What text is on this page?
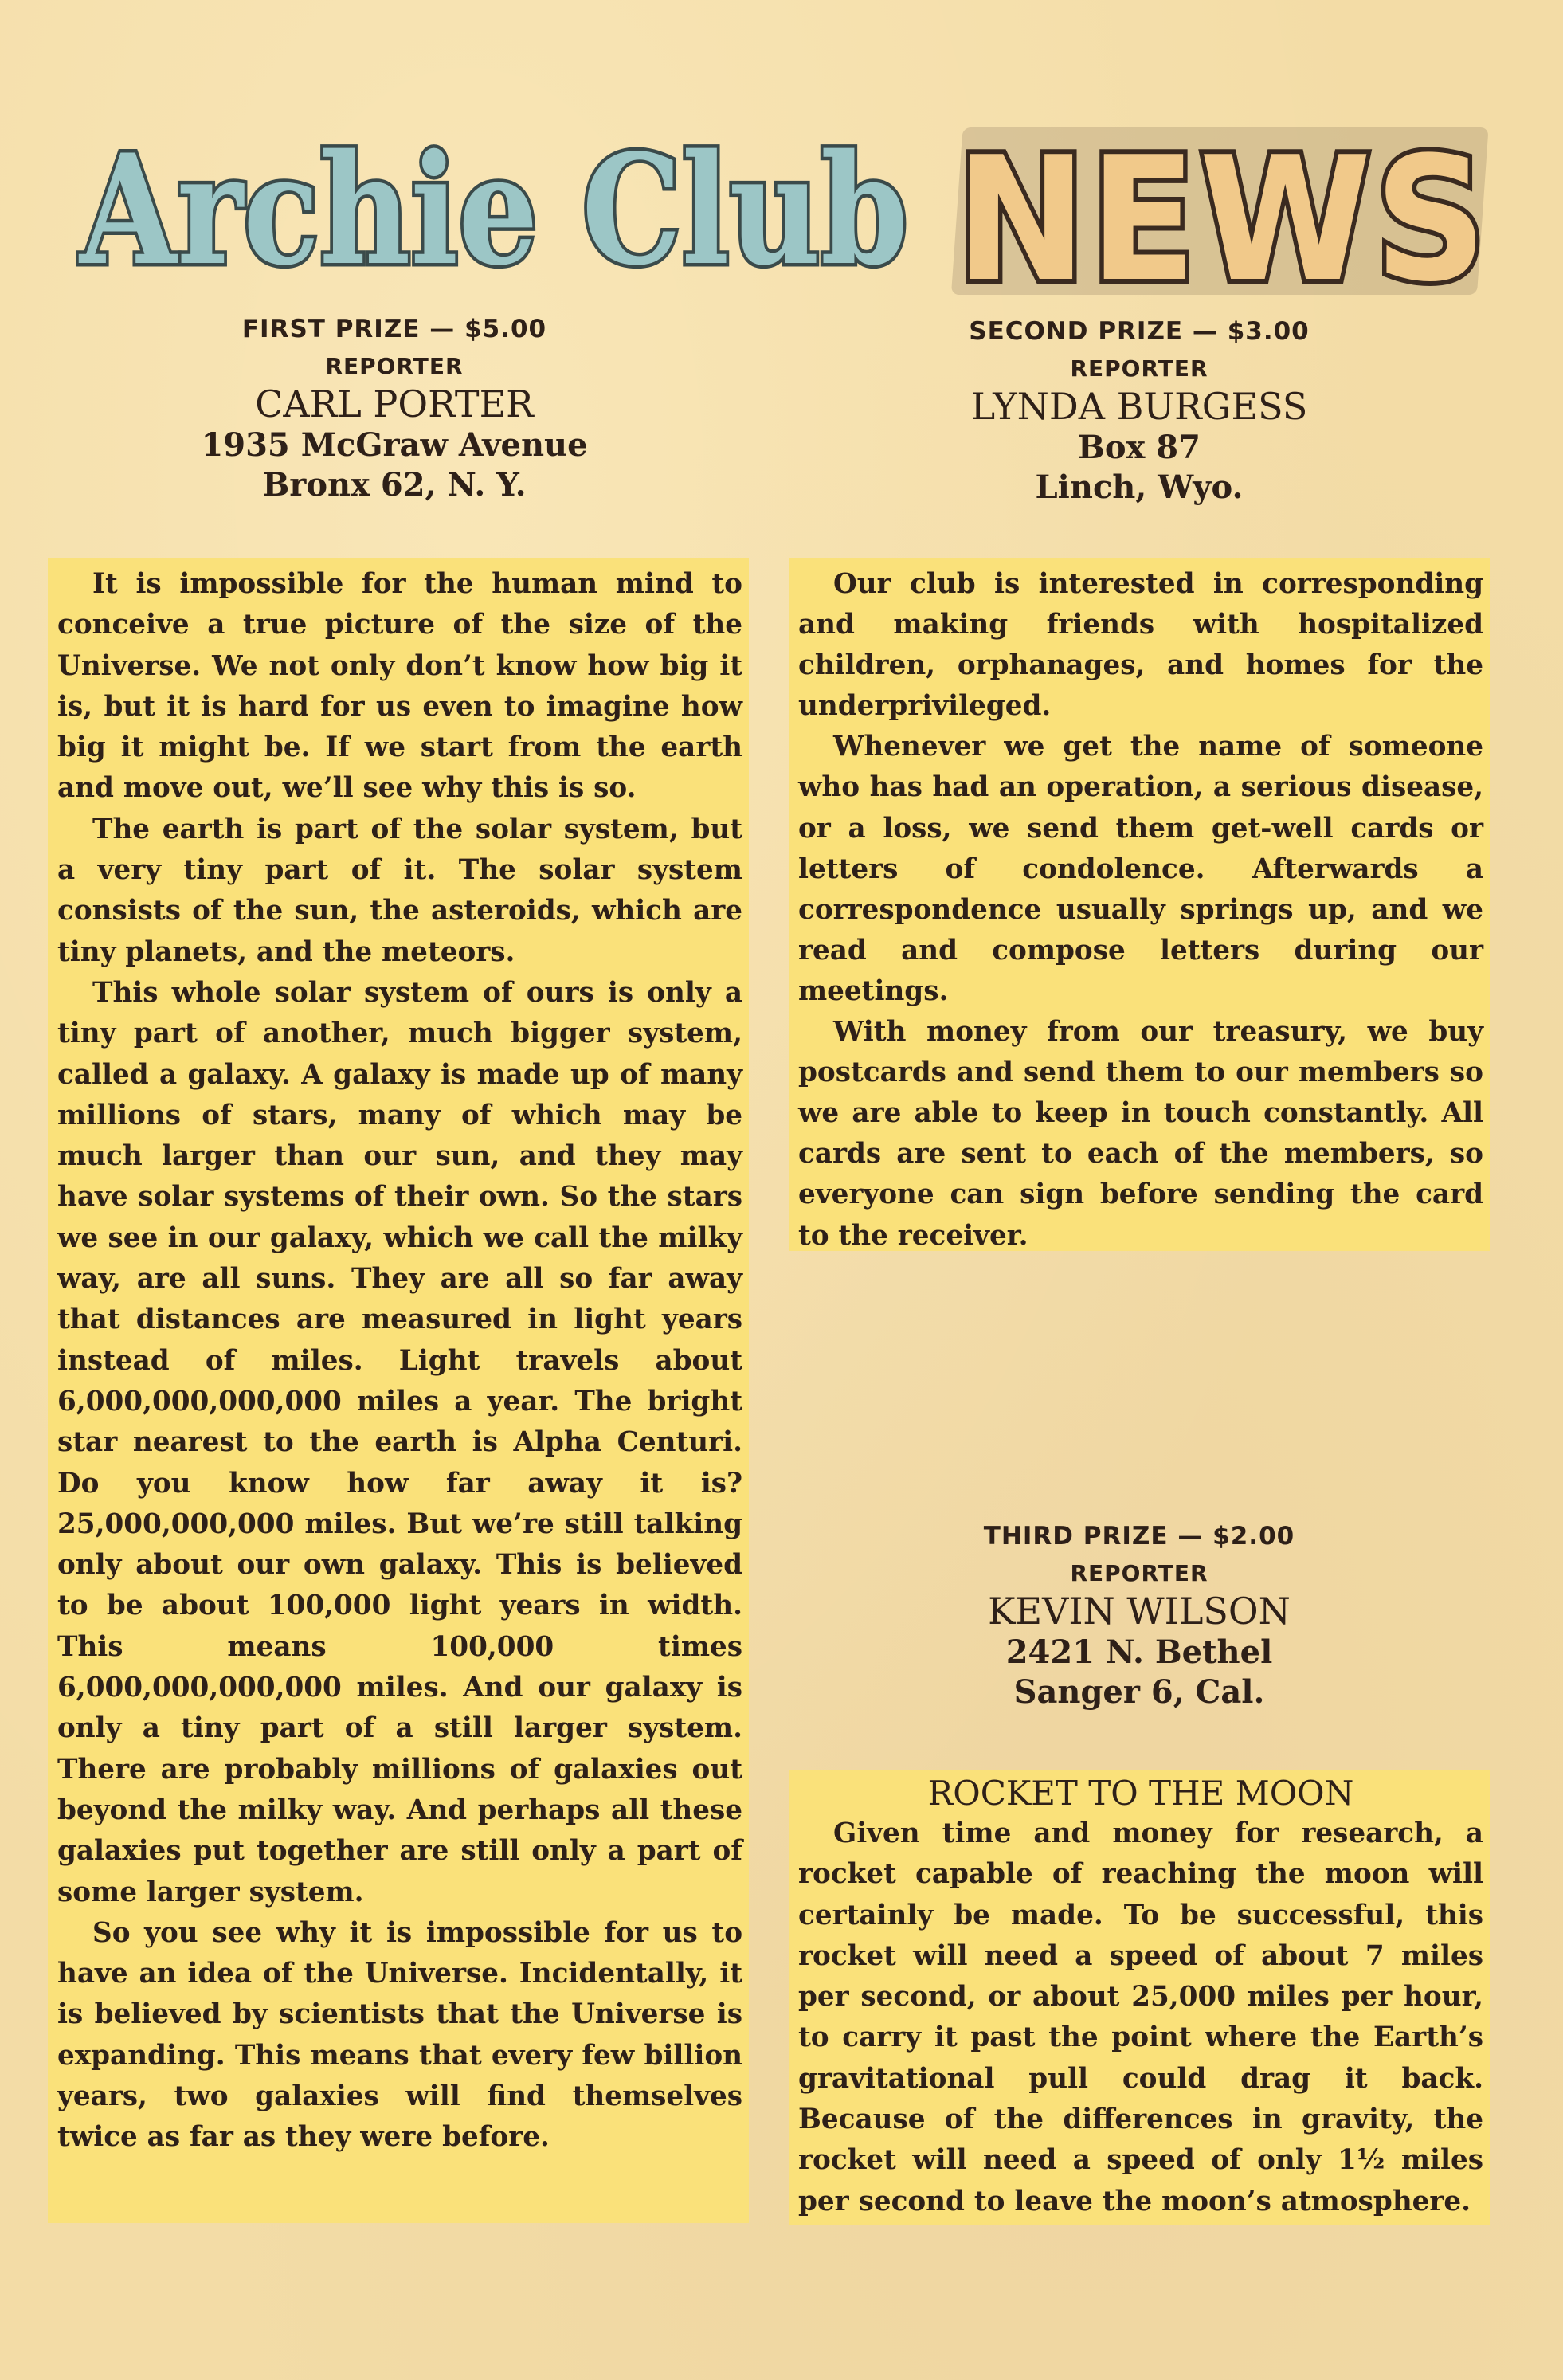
Archie Club NEWS
FIRST PRIZE — $5.00
REPORTER
CARL PORTER
1935 McGraw Avenue
Bronx 62, N. Y.
SECOND PRIZE — $3.00
REPORTER
LYNDA BURGESS
Box 87
Linch, Wyo.
THIRD PRIZE — $2.00
REPORTER
KEVIN WILSON
2421 N. Bethel
Sanger 6, Cal.

It is impossible for the human mind to conceive a true picture of the size of the Universe. We not only don’t know how big it is, but it is hard for us even to imagine how big it might be. If we start from the earth and move out, we’ll see why this is so.

The earth is part of the solar system, but a very tiny part of it. The solar system consists of the sun, the asteroids, which are tiny planets, and the meteors.

This whole solar system of ours is only a tiny part of another, much bigger system, called a galaxy. A galaxy is made up of many millions of stars, many of which may be much larger than our sun, and they may have solar systems of their own. So the stars we see in our galaxy, which we call the milky way, are all suns. They are all so far away that distances are measured in light years instead of miles. Light travels about 6,000,000,000,000 miles a year. The bright star nearest to the earth is Alpha Centuri. Do you know how far away it is? 25,000,000,000 miles. But we’re still talking only about our own galaxy. This is believed to be about 100,000 light years in width. This means 100,000 times 6,000,000,000,000 miles. And our galaxy is only a tiny part of a still larger system. There are probably millions of galaxies out beyond the milky way. And perhaps all these galaxies put together are still only a part of some larger system.

So you see why it is impossible for us to have an idea of the Universe. Incidentally, it is believed by scientists that the Universe is expanding. This means that every few billion years, two galaxies will find themselves twice as far as they were before.

Our club is interested in corresponding and making friends with hospitalized children, orphanages, and homes for the underprivileged.

Whenever we get the name of someone who has had an operation, a serious disease, or a loss, we send them get-well cards or letters of condolence. Afterwards a correspondence usually springs up, and we read and compose letters during our meetings.

With money from our treasury, we buy postcards and send them to our members so we are able to keep in touch constantly. All cards are sent to each of the members, so everyone can sign before sending the card to the receiver.

ROCKET TO THE MOON

Given time and money for research, a rocket capable of reaching the moon will certainly be made. To be successful, this rocket will need a speed of about 7 miles per second, or about 25,000 miles per hour, to carry it past the point where the Earth’s gravitational pull could drag it back. Because of the differences in gravity, the rocket will need a speed of only 1½ miles per second to leave the moon’s atmosphere.
